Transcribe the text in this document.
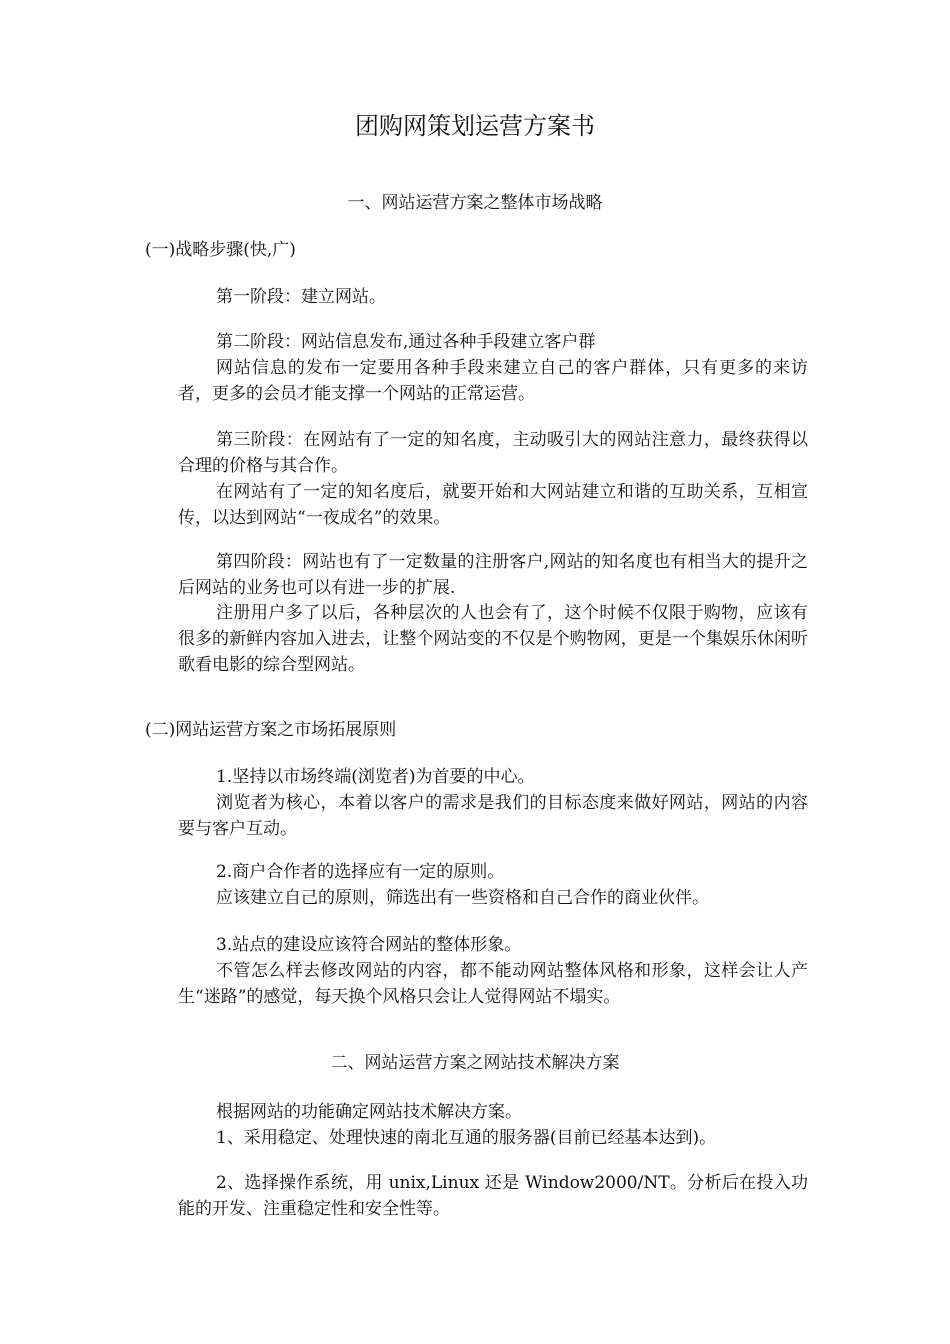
团购网策划运营方案书
一、网站运营方案之整体市场战略
(一)战略步骤(快,广)

第一阶段：建立网站。

第二阶段：网站信息发布,通过各种手段建立客户群

网站信息的发布一定要用各种手段来建立自己的客户群体，只有更多的来访者，更多的会员才能支撑一个网站的正常运营。

第三阶段：在网站有了一定的知名度，主动吸引大的网站注意力，最终获得以合理的价格与其合作。

在网站有了一定的知名度后，就要开始和大网站建立和谐的互助关系，互相宣传，以达到网站“一夜成名”的效果。

第四阶段：网站也有了一定数量的注册客户,网站的知名度也有相当大的提升之后网站的业务也可以有进一步的扩展.

注册用户多了以后，各种层次的人也会有了，这个时候不仅限于购物，应该有很多的新鲜内容加入进去，让整个网站变的不仅是个购物网，更是一个集娱乐休闲听歌看电影的综合型网站。

(二)网站运营方案之市场拓展原则

1.坚持以市场终端(浏览者)为首要的中心。

浏览者为核心，本着以客户的需求是我们的目标态度来做好网站，网站的内容要与客户互动。

2.商户合作者的选择应有一定的原则。

应该建立自己的原则，筛选出有一些资格和自己合作的商业伙伴。

3.站点的建设应该符合网站的整体形象。

不管怎么样去修改网站的内容，都不能动网站整体风格和形象，这样会让人产生“迷路”的感觉，每天换个风格只会让人觉得网站不塌实。

二、网站运营方案之网站技术解决方案

根据网站的功能确定网站技术解决方案。

1、采用稳定、处理快速的南北互通的服务器(目前已经基本达到)。

2、选择操作系统，用 unix,Linux 还是 Window2000/NT。分析后在投入功能的开发、注重稳定性和安全性等。
